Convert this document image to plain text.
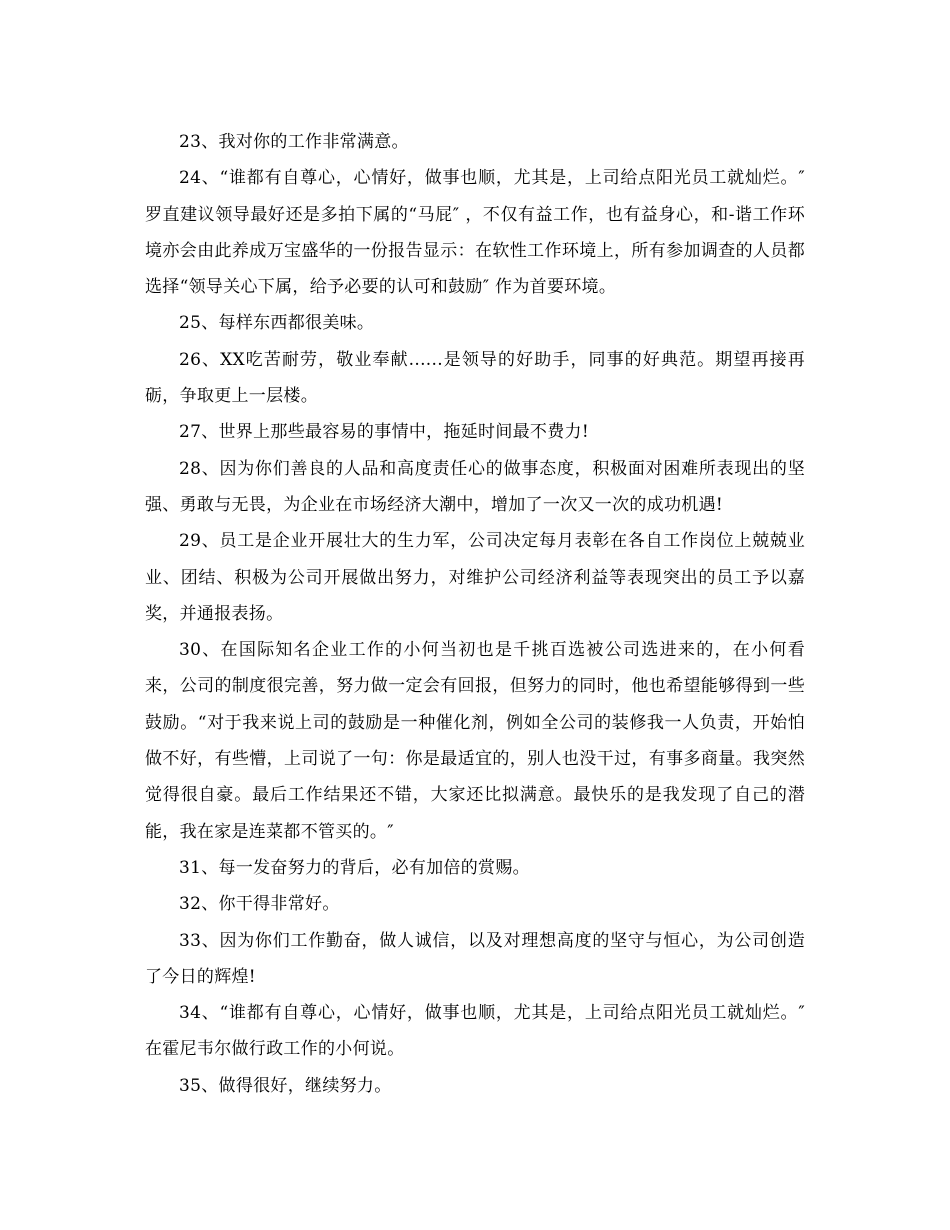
23、我对你的工作非常满意。

24、“谁都有自尊心，心情好，做事也顺，尤其是，上司给点阳光员工就灿烂。″ 罗直建议领导最好还是多拍下属的“马屁″ ，不仅有益工作，也有益身心，和-谐工作环境亦会由此养成万宝盛华的一份报告显示：在软性工作环境上，所有参加调查的人员都选择“领导关心下属，给予必要的认可和鼓励″ 作为首要环境。

25、每样东西都很美味。

26、XX吃苦耐劳，敬业奉献......是领导的好助手，同事的好典范。期望再接再砺，争取更上一层楼。

27、世界上那些最容易的事情中，拖延时间最不费力!

28、因为你们善良的人品和高度责任心的做事态度，积极面对困难所表现出的坚强、勇敢与无畏，为企业在市场经济大潮中，增加了一次又一次的成功机遇!

29、员工是企业开展壮大的生力军，公司决定每月表彰在各自工作岗位上兢兢业业、团结、积极为公司开展做出努力，对维护公司经济利益等表现突出的员工予以嘉奖，并通报表扬。

30、在国际知名企业工作的小何当初也是千挑百选被公司选进来的，在小何看来，公司的制度很完善，努力做一定会有回报，但努力的同时，他也希望能够得到一些鼓励。“对于我来说上司的鼓励是一种催化剂，例如全公司的装修我一人负责，开始怕做不好，有些懵，上司说了一句：你是最适宜的，别人也没干过，有事多商量。我突然觉得很自豪。最后工作结果还不错，大家还比拟满意。最快乐的是我发现了自己的潜能，我在家是连菜都不管买的。″

31、每一发奋努力的背后，必有加倍的赏赐。

32、你干得非常好。

33、因为你们工作勤奋，做人诚信，以及对理想高度的坚守与恒心，为公司创造了今日的辉煌!

34、“谁都有自尊心，心情好，做事也顺，尤其是，上司给点阳光员工就灿烂。″ 在霍尼韦尔做行政工作的小何说。

35、做得很好，继续努力。
